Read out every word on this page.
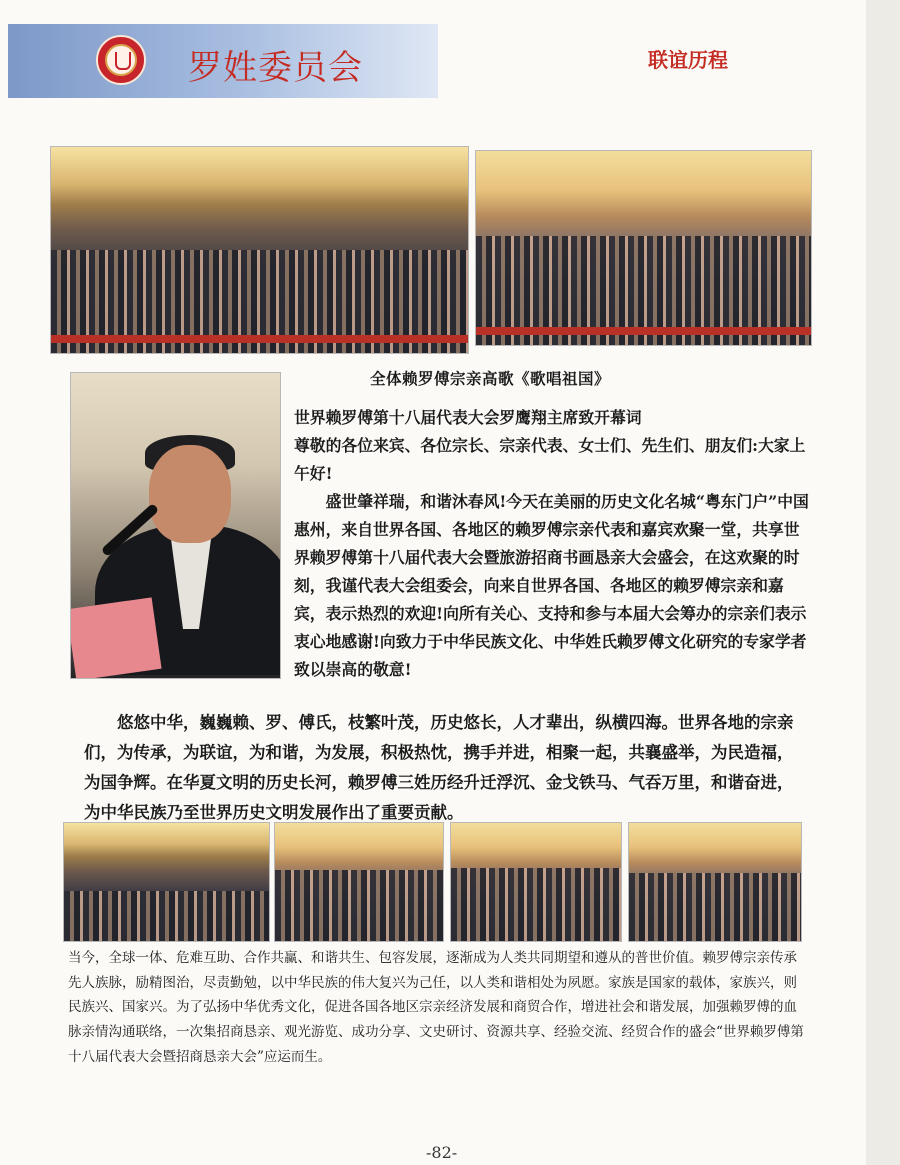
罗姓委员会	联谊历程
全体赖罗傅宗亲高歌《歌唱祖国》

世界赖罗傅第十八届代表大会罗鹰翔主席致开幕词

尊敬的各位来宾、各位宗长、宗亲代表、女士们、先生们、朋友们:大家上午好!

盛世肇祥瑞，和谐沐春风!今天在美丽的历史文化名城“粤东门户”中国惠州，来自世界各国、各地区的赖罗傅宗亲代表和嘉宾欢聚一堂，共享世界赖罗傅第十八届代表大会暨旅游招商书画恳亲大会盛会，在这欢聚的时刻，我谨代表大会组委会，向来自世界各国、各地区的赖罗傅宗亲和嘉宾，表示热烈的欢迎!向所有关心、支持和参与本届大会筹办的宗亲们表示衷心地感谢!向致力于中华民族文化、中华姓氏赖罗傅文化研究的专家学者致以崇高的敬意!

悠悠中华，巍巍赖、罗、傅氏，枝繁叶茂，历史悠长，人才辈出，纵横四海。世界各地的宗亲们，为传承，为联谊，为和谐，为发展，积极热忱，携手并进，相聚一起，共襄盛举，为民造福，为国争辉。在华夏文明的历史长河，赖罗傅三姓历经升迁浮沉、金戈铁马、气吞万里，和谐奋进，为中华民族乃至世界历史文明发展作出了重要贡献。

当今，全球一体、危难互助、合作共赢、和谐共生、包容发展，逐渐成为人类共同期望和遵从的普世价值。赖罗傅宗亲传承先人族脉，励精图治，尽责勤勉，以中华民族的伟大复兴为己任，以人类和谐相处为夙愿。家族是国家的载体，家族兴，则民族兴、国家兴。为了弘扬中华优秀文化，促进各国各地区宗亲经济发展和商贸合作，增进社会和谐发展，加强赖罗傅的血脉亲情沟通联络，一次集招商恳亲、观光游览、成功分享、文史研讨、资源共享、经验交流、经贸合作的盛会“世界赖罗傅第十八届代表大会暨招商恳亲大会”应运而生。

-82-
